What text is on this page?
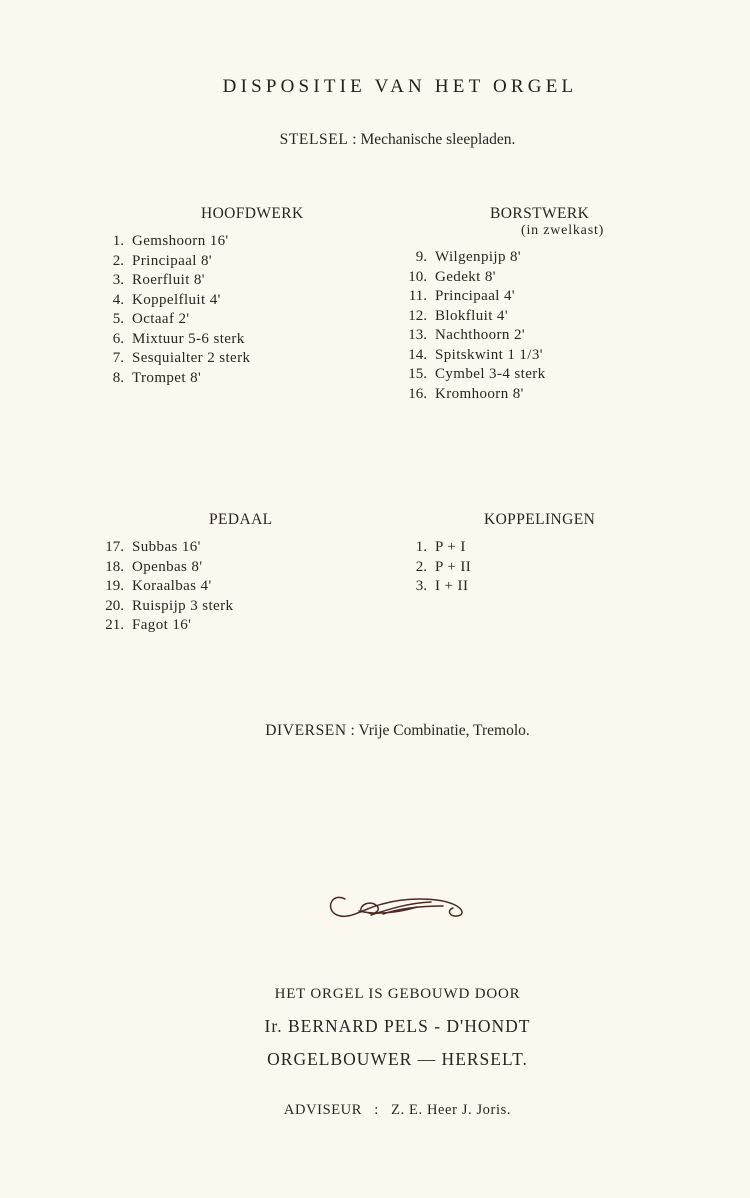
DISPOSITIE VAN HET ORGEL
STELSEL : Mechanische sleepladen.
HOOFDWERK
1. Gemshoorn 16'
2. Principaal 8'
3. Roerfluit 8'
4. Koppelfluit 4'
5. Octaaf 2'
6. Mixtuur 5-6 sterk
7. Sesquialter 2 sterk
8. Trompet 8'
BORSTWERK
(in zwelkast)
9. Wilgenpijp 8'
10. Gedekt 8'
11. Principaal 4'
12. Blokfluit 4'
13. Nachthoorn 2'
14. Spitskwint 1 1/3'
15. Cymbel 3-4 sterk
16. Kromhoorn 8'
PEDAAL
17. Subbas 16'
18. Openbas 8'
19. Koraalbas 4'
20. Ruispijp 3 sterk
21. Fagot 16'
KOPPELINGEN
1. P + I
2. P + II
3. I + II
DIVERSEN : Vrije Combinatie, Tremolo.
HET ORGEL IS GEBOUWD DOOR
Ir. BERNARD PELS - D'HONDT
ORGELBOUWER — HERSELT.
ADVISEUR : Z. E. Heer J. Joris.
